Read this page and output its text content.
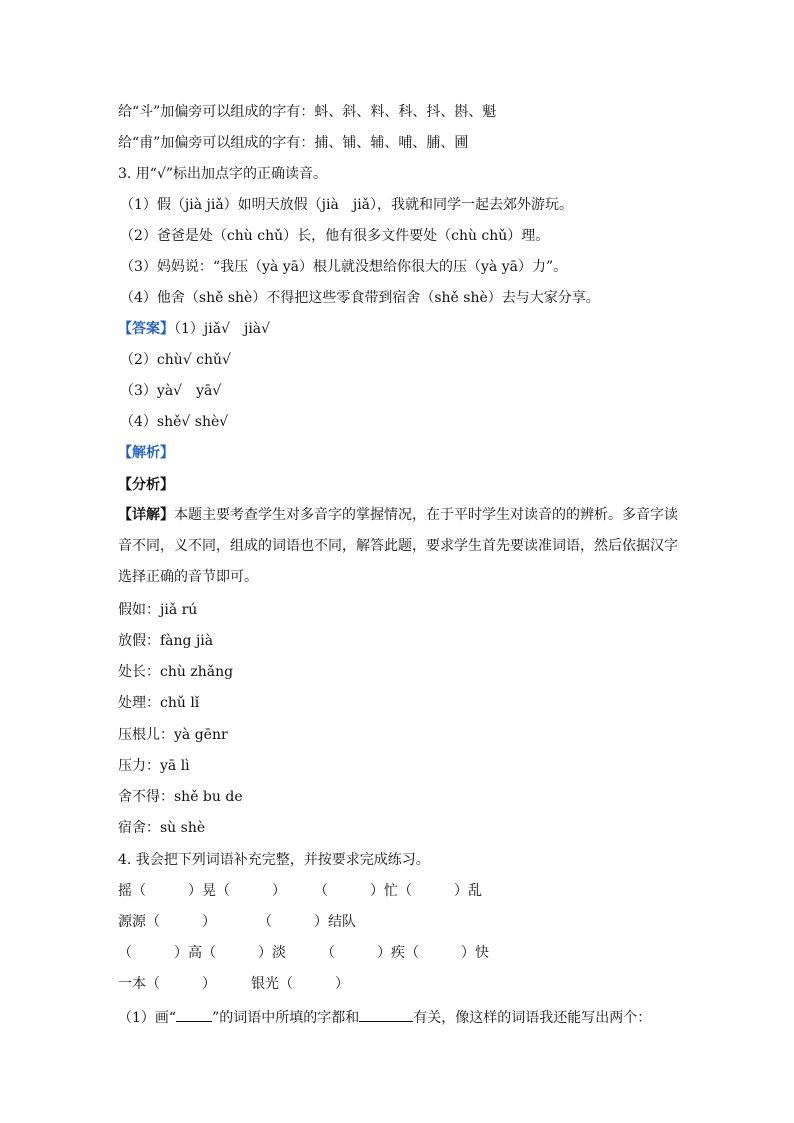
给“斗”加偏旁可以组成的字有：蚪、斜、料、科、抖、斟、魁
给“甫”加偏旁可以组成的字有：捕、铺、辅、哺、脯、圃
3. 用“√”标出加点字的正确读音。
（1）假（jià jiǎ）如明天放假（jià　jiǎ），我就和同学一起去郊外游玩。
（2）爸爸是处（chù chǔ）长，他有很多文件要处（chù chǔ）理。
（3）妈妈说：“我压（yà yā）根儿就没想给你很大的压（yà yā）力”。
（4）他舍（shě shè）不得把这些零食带到宿舍（shě shè）去与大家分享。
【答案】（1）jiǎ√　jià√
（2）chù√ chǔ√
（3）yà√　yā√
（4）shě√ shè√
【解析】
【分析】
【详解】本题主要考查学生对多音字的掌握情况，在于平时学生对读音的的辨析。多音字读音不同，义不同，组成的词语也不同，解答此题，要求学生首先要读准词语，然后依据汉字选择正确的音节即可。
假如：jiǎ rú
放假：fàng jià
处长：chù zhǎng
处理：chǔ lǐ
压根儿：yà gēnr
压力：yā lì
舍不得：shě bu de
宿舍：sù shè
4. 我会把下列词语补充完整，并按要求完成练习。
摇（　　　）晃（　　　）　　　（　　　）忙（　　　）乱
源源（　　　）　　　　（　　　）结队
（　　　）高（　　　）淡　　　（　　　）疾（　　　）快
一本（　　　）　　　银光（　　　）
（1）画“	”的词语中所填的字都和	有关，像这样的词语我还能写出两个：
